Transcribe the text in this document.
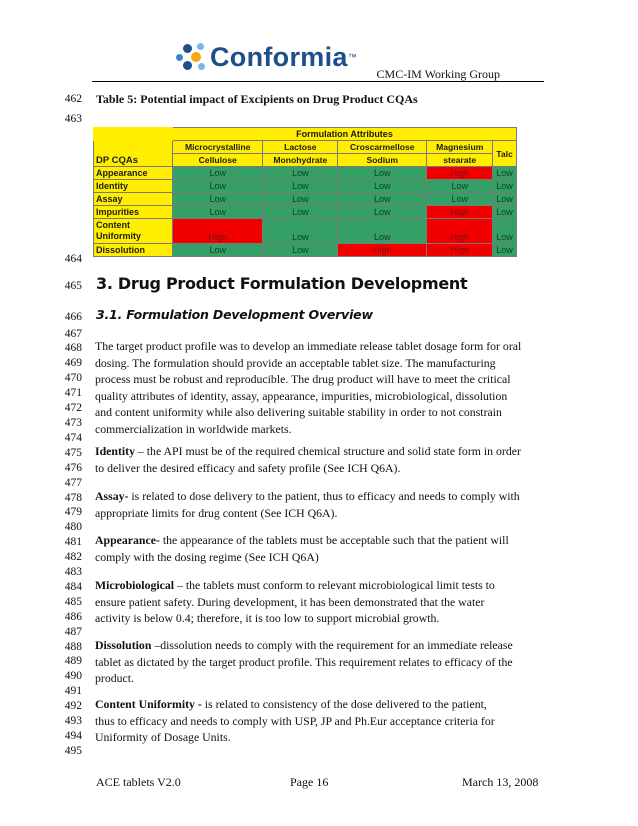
Conformia ™
CMC-IM Working Group
462
463
464
465
466
467
468
469
470
471
472
473
474
475
476
477
478
479
480
481
482
483
484
485
486
487
488
489
490
491
492
493
494
495
Table 5: Potential impact of Excipients on Drug Product CQAs
	Formulation Attributes				
DP CQAs	Microcrystalline	Lactose	Croscarmellose	Magnesium	Talc
	Cellulose	Monohydrate	Sodium	stearate	
Appearance	Low	Low	Low	High	Low
Identity	Low	Low	Low	Low	Low
Assay	Low	Low	Low	Low	Low
Impurities	Low	Low	Low	High	Low

Content
Uniformity	High	Low	Low	High	Low
Dissolution	Low	Low	High	High	Low
3. Drug Product Formulation Development
3.1. Formulation Development Overview
The target product profile was to develop an immediate release tablet dosage form for oral
dosing. The formulation should provide an acceptable tablet size. The manufacturing
process must be robust and reproducible. The drug product will have to meet the critical
quality attributes of identity, assay, appearance, impurities, microbiological, dissolution
and content uniformity while also delivering suitable stability in order to not constrain
commercialization in worldwide markets.
Identity – the API must be of the required chemical structure and solid state form in order
to deliver the desired efficacy and safety profile (See ICH Q6A).
Assay- is related to dose delivery to the patient, thus to efficacy and needs to comply with
appropriate limits for drug content (See ICH Q6A).
Appearance- the appearance of the tablets must be acceptable such that the patient will
comply with the dosing regime (See ICH Q6A)
Microbiological – the tablets must conform to relevant microbiological limit tests to
ensure patient safety. During development, it has been demonstrated that the water
activity is below 0.4; therefore, it is too low to support microbial growth.
Dissolution –dissolution needs to comply with the requirement for an immediate release
tablet as dictated by the target product profile. This requirement relates to efficacy of the
product.
Content Uniformity - is related to consistency of the dose delivered to the patient,
thus to efficacy and needs to comply with USP, JP and Ph.Eur acceptance criteria for
Uniformity of Dosage Units.
ACE tablets V2.0	Page 16	March 13, 2008
